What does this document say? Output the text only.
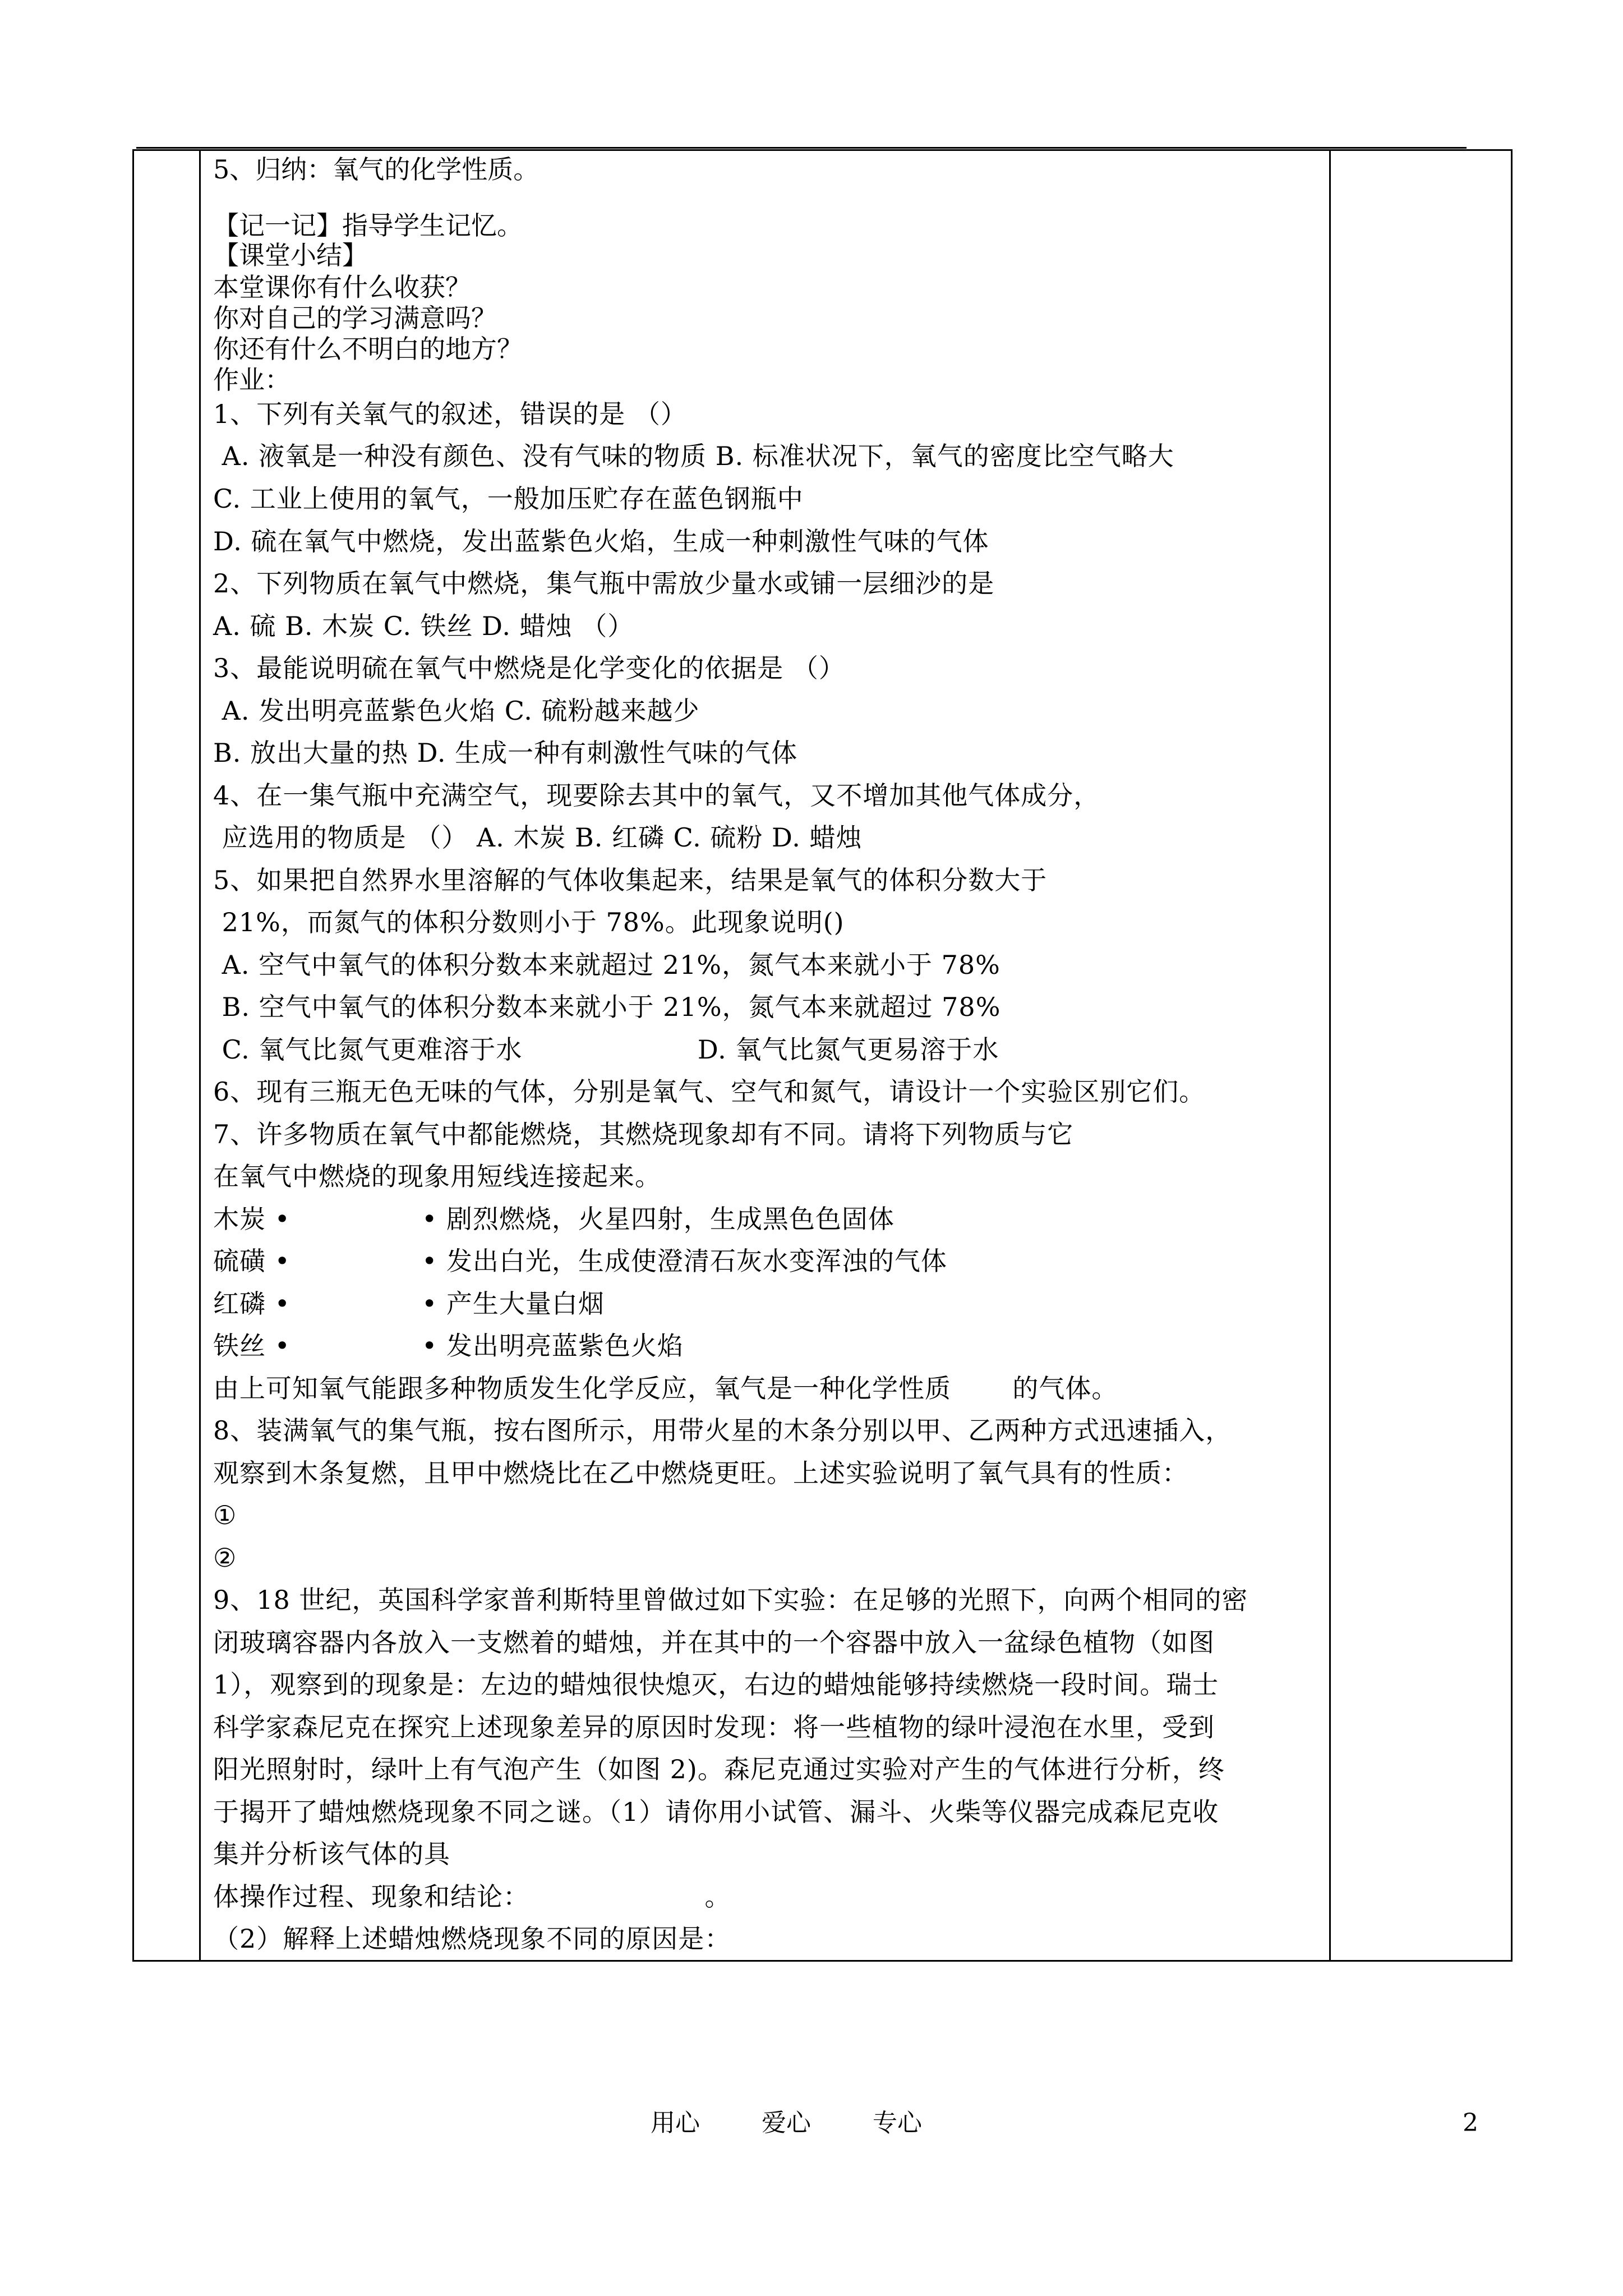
5、归纳：氧气的化学性质。
【记一记】指导学生记忆。
【课堂小结】
本堂课你有什么收获？
你对自己的学习满意吗？
你还有什么不明白的地方？
作业：
1、下列有关氧气的叙述，错误的是 （）
A. 液氧是一种没有颜色、没有气味的物质 B. 标准状况下，氧气的密度比空气略大
C. 工业上使用的氧气，一般加压贮存在蓝色钢瓶中
D. 硫在氧气中燃烧，发出蓝紫色火焰，生成一种刺激性气味的气体
2、下列物质在氧气中燃烧，集气瓶中需放少量水或铺一层细沙的是
A. 硫 B. 木炭 C. 铁丝 D. 蜡烛 （）
3、最能说明硫在氧气中燃烧是化学变化的依据是 （）
A. 发出明亮蓝紫色火焰 C. 硫粉越来越少
B. 放出大量的热 D. 生成一种有刺激性气味的气体
4、在一集气瓶中充满空气，现要除去其中的氧气，又不增加其他气体成分，
应选用的物质是 （） A. 木炭 B. 红磷 C. 硫粉 D. 蜡烛
5、如果把自然界水里溶解的气体收集起来，结果是氧气的体积分数大于
21%，而氮气的体积分数则小于 78%。此现象说明()
A. 空气中氧气的体积分数本来就超过 21%，氮气本来就小于 78%
B. 空气中氧气的体积分数本来就小于 21%，氮气本来就超过 78%
C. 氧气比氮气更难溶于水                    D. 氧气比氮气更易溶于水
6、现有三瓶无色无味的气体，分别是氧气、空气和氮气，请设计一个实验区别它们。
7、许多物质在氧气中都能燃烧，其燃烧现象却有不同。请将下列物质与它
在氧气中燃烧的现象用短线连接起来。
木炭 •               • 剧烈燃烧，火星四射，生成黑色色固体
硫磺 •               • 发出白光，生成使澄清石灰水变浑浊的气体
红磷 •               • 产生大量白烟
铁丝 •               • 发出明亮蓝紫色火焰
由上可知氧气能跟多种物质发生化学反应，氧气是一种化学性质       的气体。
8、装满氧气的集气瓶，按右图所示，用带火星的木条分别以甲、乙两种方式迅速插入，
观察到木条复燃，且甲中燃烧比在乙中燃烧更旺。上述实验说明了氧气具有的性质：
①
②
9、18 世纪，英国科学家普利斯特里曾做过如下实验：在足够的光照下，向两个相同的密
闭玻璃容器内各放入一支燃着的蜡烛，并在其中的一个容器中放入一盆绿色植物（如图
1），观察到的现象是：左边的蜡烛很快熄灭，右边的蜡烛能够持续燃烧一段时间。瑞士
科学家森尼克在探究上述现象差异的原因时发现：将一些植物的绿叶浸泡在水里，受到
阳光照射时，绿叶上有气泡产生（如图 2)。森尼克通过实验对产生的气体进行分析，终
于揭开了蜡烛燃烧现象不同之谜。（1）请你用小试管、漏斗、火柴等仪器完成森尼克收
集并分析该气体的具
体操作过程、现象和结论：                    。
（2）解释上述蜡烛燃烧现象不同的原因是：
用心	爱心	专心	2
